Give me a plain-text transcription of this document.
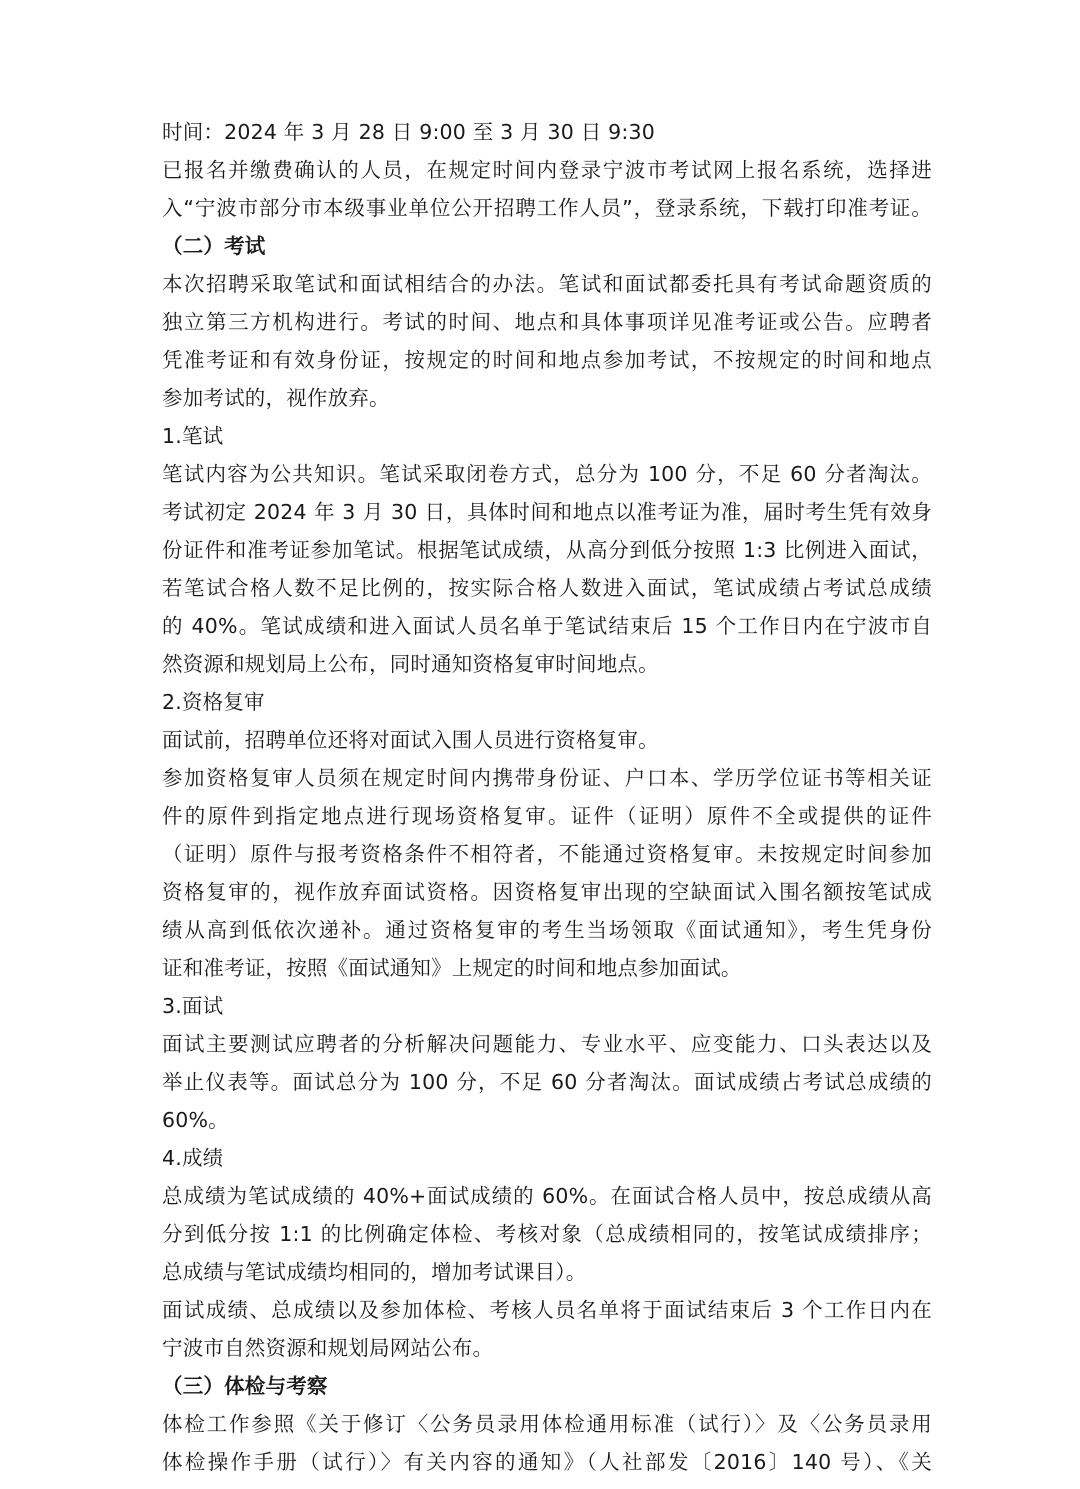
时间：2024 年 3 月 28 日 9:00 至 3 月 30 日 9:30
已报名并缴费确认的人员，在规定时间内登录宁波市考试网上报名系统，选择进
入“宁波市部分市本级事业单位公开招聘工作人员”，登录系统，下载打印准考证。
（二）考试
本次招聘采取笔试和面试相结合的办法。笔试和面试都委托具有考试命题资质的
独立第三方机构进行。考试的时间、地点和具体事项详见准考证或公告。应聘者
凭准考证和有效身份证，按规定的时间和地点参加考试，不按规定的时间和地点
参加考试的，视作放弃。
1.笔试
笔试内容为公共知识。笔试采取闭卷方式，总分为 100 分，不足 60 分者淘汰。
考试初定 2024 年 3 月 30 日，具体时间和地点以准考证为准，届时考生凭有效身
份证件和准考证参加笔试。根据笔试成绩，从高分到低分按照 1:3 比例进入面试，
若笔试合格人数不足比例的，按实际合格人数进入面试，笔试成绩占考试总成绩
的 40%。笔试成绩和进入面试人员名单于笔试结束后 15 个工作日内在宁波市自
然资源和规划局上公布，同时通知资格复审时间地点。
2.资格复审
面试前，招聘单位还将对面试入围人员进行资格复审。
参加资格复审人员须在规定时间内携带身份证、户口本、学历学位证书等相关证
件的原件到指定地点进行现场资格复审。证件（证明）原件不全或提供的证件
（证明）原件与报考资格条件不相符者，不能通过资格复审。未按规定时间参加
资格复审的，视作放弃面试资格。因资格复审出现的空缺面试入围名额按笔试成
绩从高到低依次递补。通过资格复审的考生当场领取《面试通知》，考生凭身份
证和准考证，按照《面试通知》上规定的时间和地点参加面试。
3.面试
面试主要测试应聘者的分析解决问题能力、专业水平、应变能力、口头表达以及
举止仪表等。面试总分为 100 分，不足 60 分者淘汰。面试成绩占考试总成绩的
60%。
4.成绩
总成绩为笔试成绩的 40%+面试成绩的 60%。在面试合格人员中，按总成绩从高
分到低分按 1:1 的比例确定体检、考核对象（总成绩相同的，按笔试成绩排序；
总成绩与笔试成绩均相同的，增加考试课目）。
面试成绩、总成绩以及参加体检、考核人员名单将于面试结束后 3 个工作日内在
宁波市自然资源和规划局网站公布。
（三）体检与考察
体检工作参照《关于修订〈公务员录用体检通用标准（试行）〉及〈公务员录用
体检操作手册（试行）〉有关内容的通知》（人社部发〔2016〕140 号）、《关
